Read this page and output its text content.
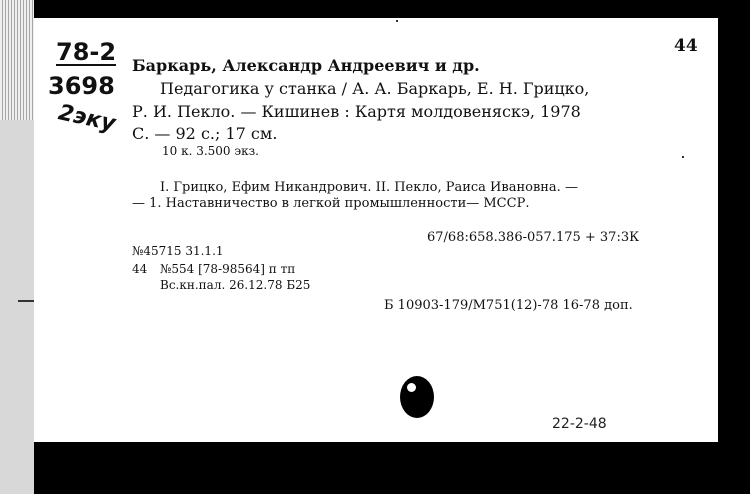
78-2
3698
2эку
44
Баркарь, Александр Андреевич и др.
Педагогика у станка / А. А. Баркарь, Е. Н. Грицко,
Р. И. Пекло. — Кишинев : Картя молдовеняскэ, 1978
С. — 92 с.; 17 см.
10 к. 3.500 экз.
I. Грицко, Ефим Никандрович. II. Пекло, Раиса Ивановна. —
— 1. Наставничество в легкой промышленности— МССР.
67/68:658.386-057.175 + 37:3К
№45715 31.1.1
44 №554 [78-98564] п тп
Вс.кн.пал. 26.12.78 Б25
Б 10903-179/М751(12)-78 16-78 доп.
22-2-48
